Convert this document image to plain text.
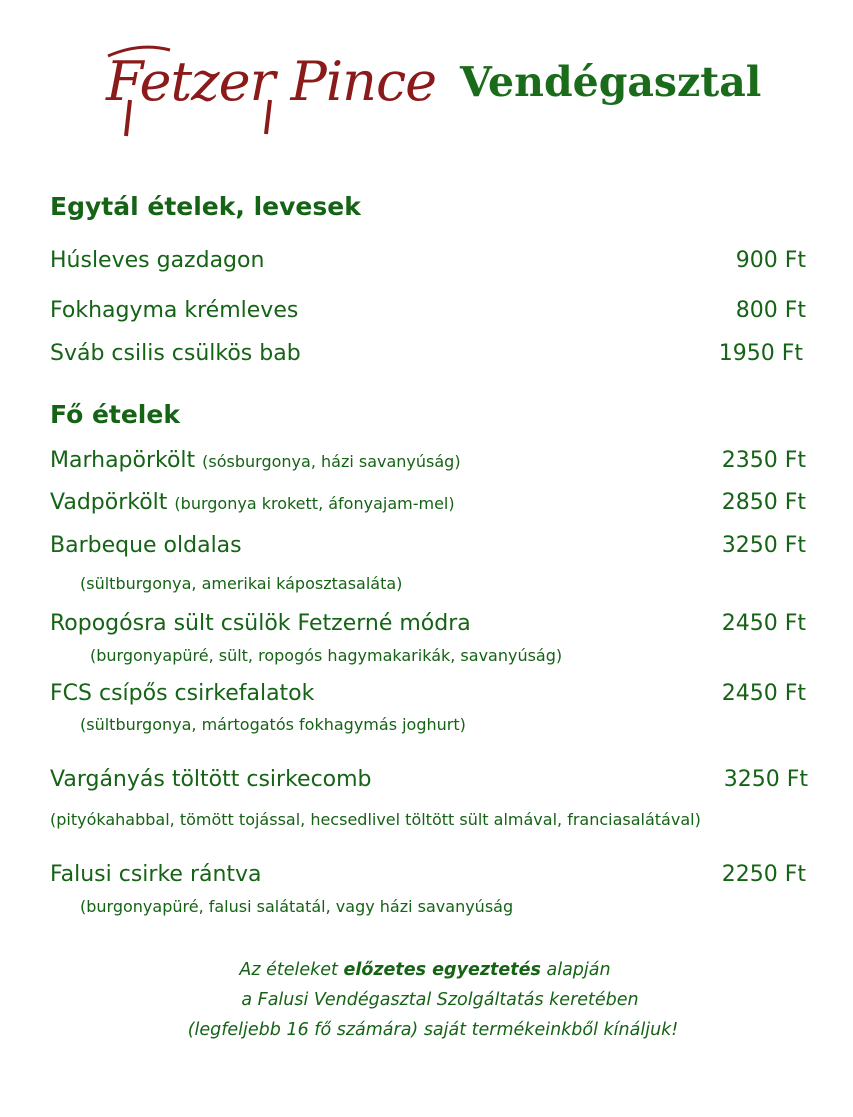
Fetzer Pince Vendégasztal
Egytál ételek, levesek
Húsleves gazdagon	900 Ft
Fokhagyma krémleves	800 Ft
Sváb csilis csülkös bab	1950 Ft
Fő ételek
Marhapörkölt (sósburgonya, házi savanyúság)	2350 Ft
Vadpörkölt (burgonya krokett, áfonyajam-mel)	2850 Ft
Barbeque oldalas	3250 Ft
(sültburgonya, amerikai káposztasaláta)
Ropogósra sült csülök Fetzerné módra	2450 Ft
(burgonyapüré, sült, ropogós hagymakarikák, savanyúság)
FCS csípős csirkefalatok	2450 Ft
(sültburgonya, mártogatós fokhagymás joghurt)
Vargányás töltött csirkecomb	3250 Ft
(pityókahabbal, tömött tojással, hecsedlivel töltött sült almával, franciasalátával)
Falusi csirke rántva	2250 Ft
(burgonyapüré, falusi salátatál, vagy házi savanyúság
Az ételeket előzetes egyeztetés alapján
a Falusi Vendégasztal Szolgáltatás keretében
(legfeljebb 16 fő számára) saját termékeinkből kínáljuk!
